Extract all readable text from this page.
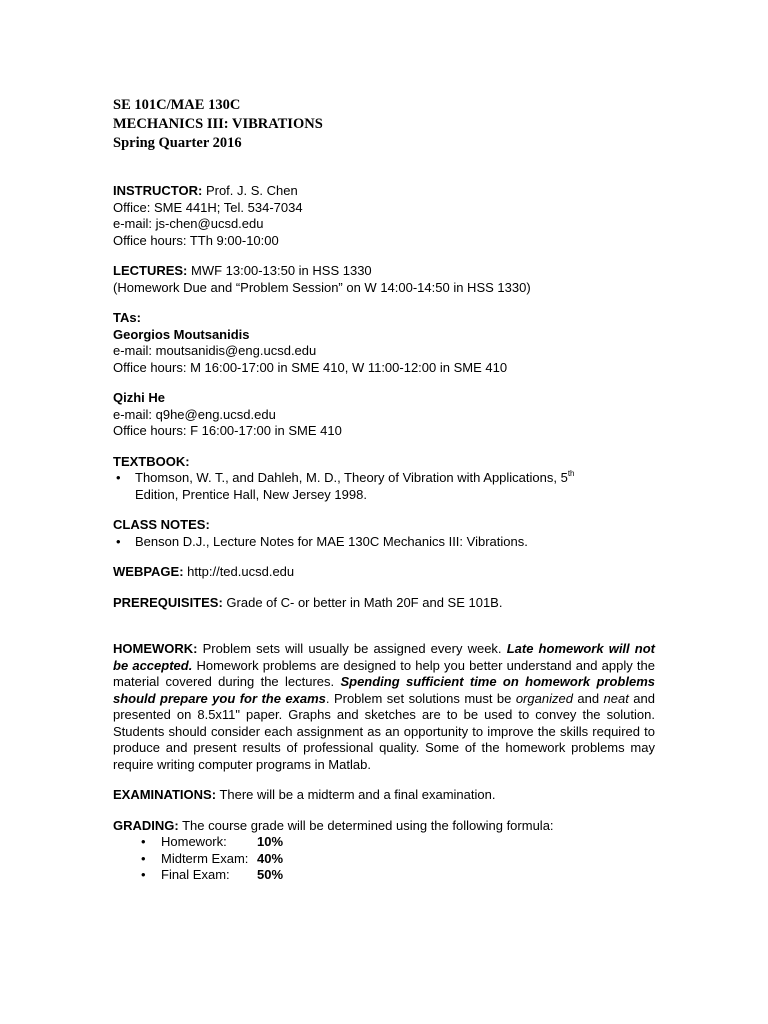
SE 101C/MAE 130C
MECHANICS III: VIBRATIONS
Spring Quarter 2016
INSTRUCTOR: Prof. J. S. Chen
Office: SME 441H; Tel. 534-7034
e-mail: js-chen@ucsd.edu
Office hours: TTh 9:00-10:00
LECTURES: MWF 13:00-13:50 in HSS 1330
(Homework Due and “Problem Session” on W 14:00-14:50 in HSS 1330)
TAs:
Georgios Moutsanidis
e-mail: moutsanidis@eng.ucsd.edu
Office hours: M 16:00-17:00 in SME 410, W 11:00-12:00 in SME 410
Qizhi He
e-mail: q9he@eng.ucsd.edu
Office hours: F 16:00-17:00 in SME 410
TEXTBOOK:
• Thomson, W. T., and Dahleh, M. D., Theory of Vibration with Applications, 5th
Edition, Prentice Hall, New Jersey 1998.
CLASS NOTES:
• Benson D.J., Lecture Notes for MAE 130C Mechanics III: Vibrations.
WEBPAGE: http://ted.ucsd.edu
PREREQUISITES: Grade of C- or better in Math 20F and SE 101B.
HOMEWORK: Problem sets will usually be assigned every week. Late homework will not be accepted. Homework problems are designed to help you better understand and apply the material covered during the lectures. Spending sufficient time on homework problems should prepare you for the exams. Problem set solutions must be organized and neat and presented on 8.5x11" paper. Graphs and sketches are to be used to convey the solution. Students should consider each assignment as an opportunity to improve the skills required to produce and present results of professional quality. Some of the homework problems may require writing computer programs in Matlab.
EXAMINATIONS: There will be a midterm and a final examination.
GRADING: The course grade will be determined using the following formula:
• Homework: 10%
• Midterm Exam: 40%
• Final Exam: 50%
